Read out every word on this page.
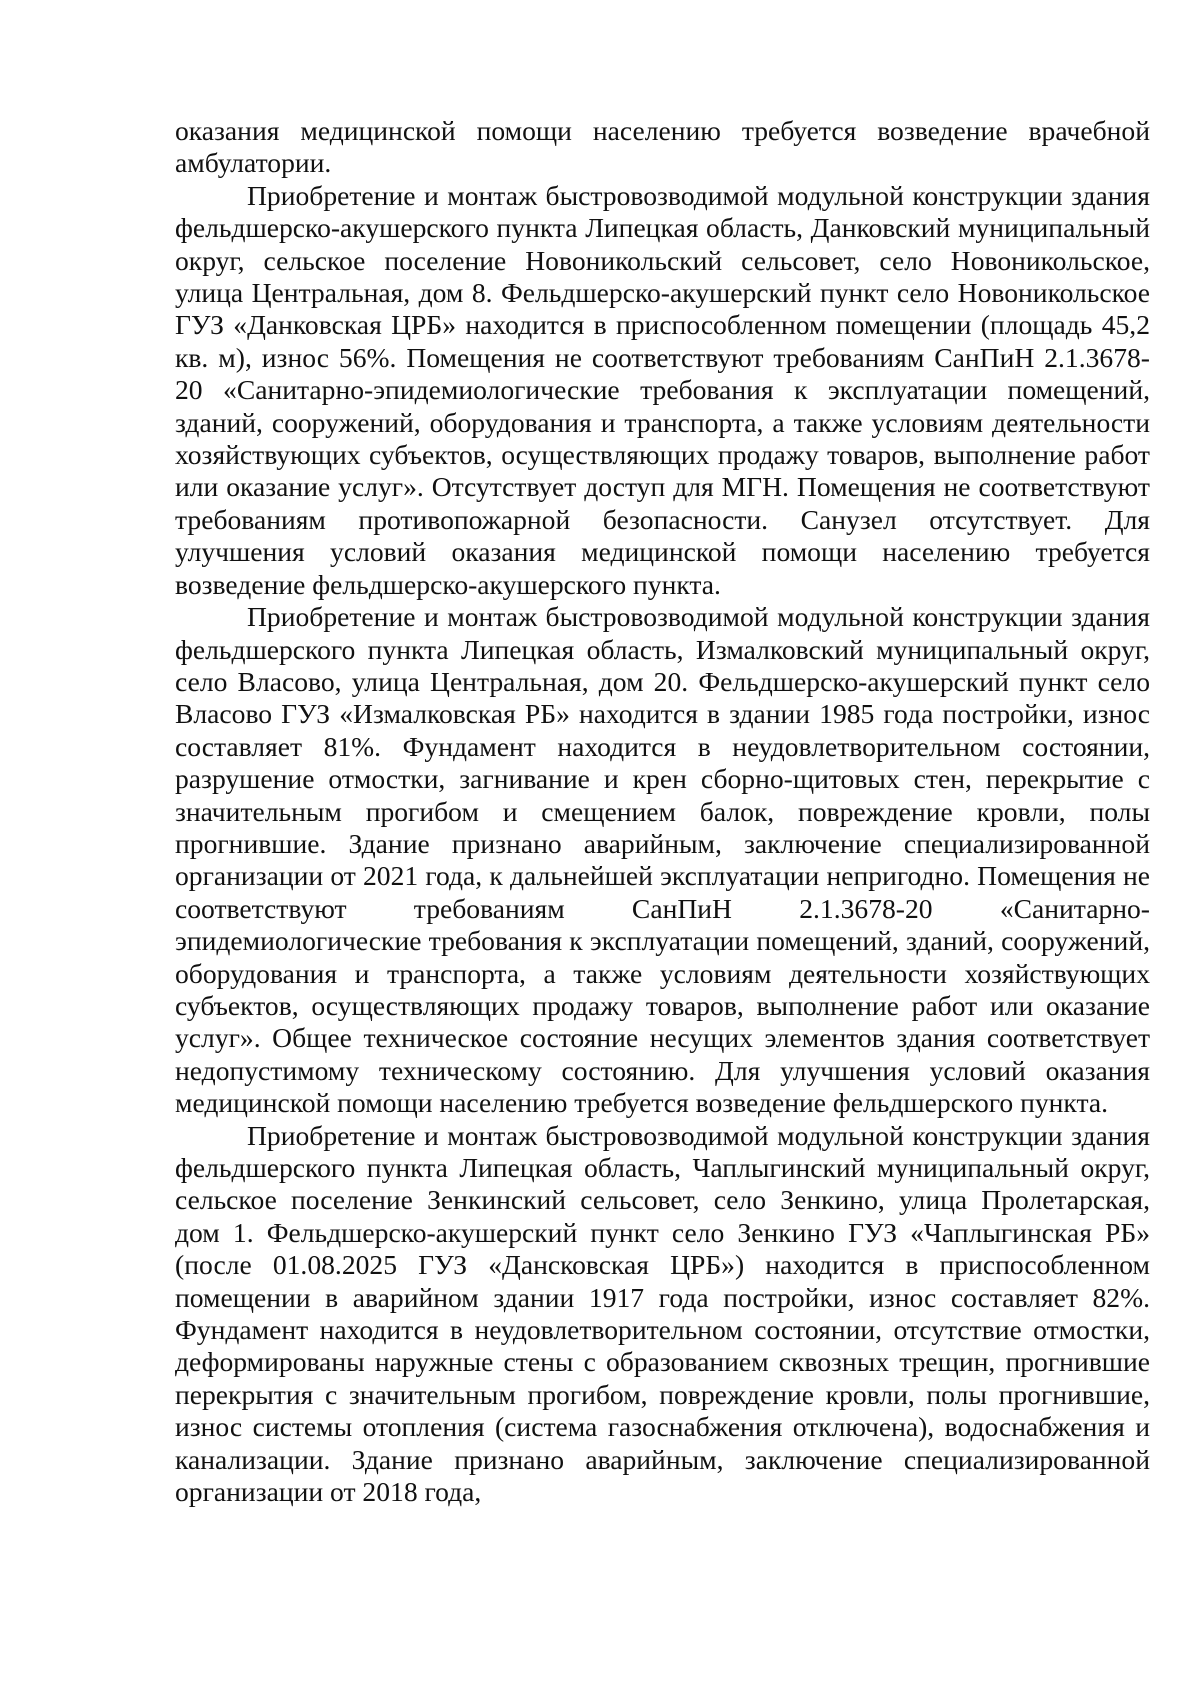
оказания медицинской помощи населению требуется возведение врачебной амбулатории.

Приобретение и монтаж быстровозводимой модульной конструкции здания фельдшерско-акушерского пункта Липецкая область, Данковский муниципальный округ, сельское поселение Новоникольский сельсовет, село Новоникольское, улица Центральная, дом 8. Фельдшерско-акушерский пункт село Новоникольское ГУЗ «Данковская ЦРБ» находится в приспособленном помещении (площадь 45,2 кв. м), износ 56%. Помещения не соответствуют требованиям СанПиН 2.1.3678-20 «Санитарно-эпидемиологические требования к эксплуатации помещений, зданий, сооружений, оборудования и транспорта, а также условиям деятельности хозяйствующих субъектов, осуществляющих продажу товаров, выполнение работ или оказание услуг». Отсутствует доступ для МГН. Помещения не соответствуют требованиям противопожарной безопасности. Санузел отсутствует. Для улучшения условий оказания медицинской помощи населению требуется возведение фельдшерско-акушерского пункта.

Приобретение и монтаж быстровозводимой модульной конструкции здания фельдшерского пункта Липецкая область, Измалковский муниципальный округ, село Власово, улица Центральная, дом 20. Фельдшерско-акушерский пункт село Власово ГУЗ «Измалковская РБ» находится в здании 1985 года постройки, износ составляет 81%. Фундамент находится в неудовлетворительном состоянии, разрушение отмостки, загнивание и крен сборно-щитовых стен, перекрытие с значительным прогибом и смещением балок, повреждение кровли, полы прогнившие. Здание признано аварийным, заключение специализированной организации от 2021 года, к дальнейшей эксплуатации непригодно. Помещения не соответствуют требованиям СанПиН 2.1.3678-20 «Санитарно-эпидемиологические требования к эксплуатации помещений, зданий, сооружений, оборудования и транспорта, а также условиям деятельности хозяйствующих субъектов, осуществляющих продажу товаров, выполнение работ или оказание услуг». Общее техническое состояние несущих элементов здания соответствует недопустимому техническому состоянию. Для улучшения условий оказания медицинской помощи населению требуется возведение фельдшерского пункта.

Приобретение и монтаж быстровозводимой модульной конструкции здания фельдшерского пункта Липецкая область, Чаплыгинский муниципальный округ, сельское поселение Зенкинский сельсовет, село Зенкино, улица Пролетарская, дом 1. Фельдшерско-акушерский пункт село Зенкино ГУЗ «Чаплыгинская РБ» (после 01.08.2025 ГУЗ «Дансковская ЦРБ») находится в приспособленном помещении в аварийном здании 1917 года постройки, износ составляет 82%. Фундамент находится в неудовлетворительном состоянии, отсутствие отмостки, деформированы наружные стены с образованием сквозных трещин, прогнившие перекрытия с значительным прогибом, повреждение кровли, полы прогнившие, износ системы отопления (система газоснабжения отключена), водоснабжения и канализации. Здание признано аварийным, заключение специализированной организации от 2018 года,
